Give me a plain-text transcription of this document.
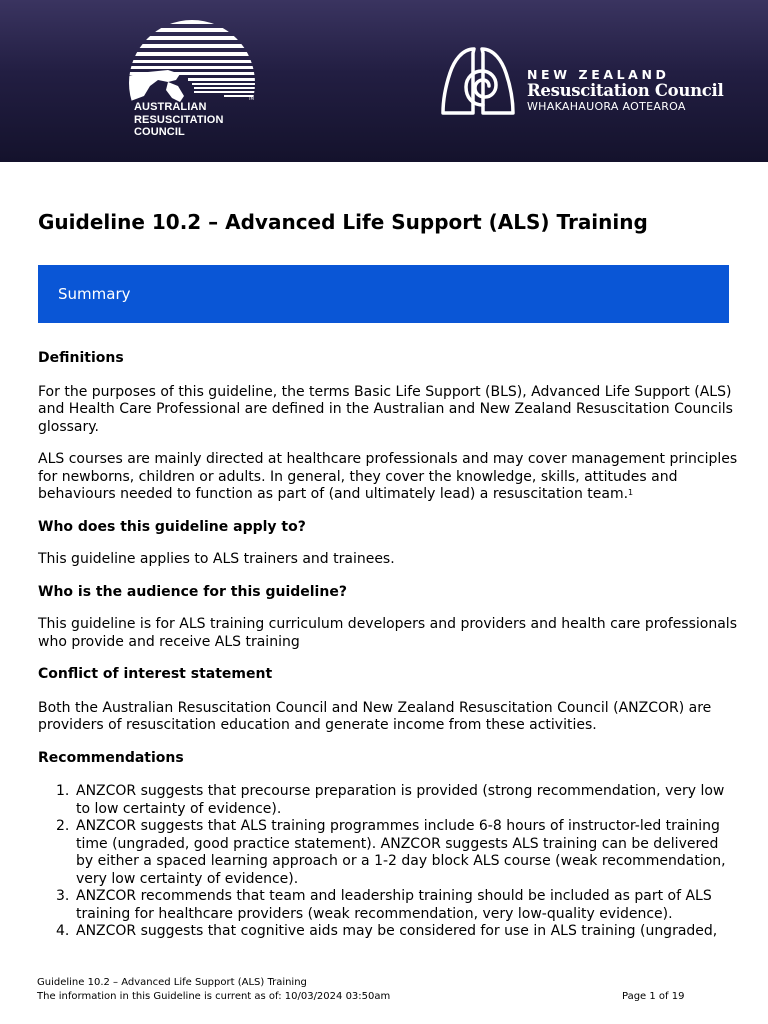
AUSTRALIAN
RESUSCITATION
COUNCIL
TM
NEW ZEALAND
Resuscitation Council
WHAKAHAUORA AOTEAROA
Guideline 10.2 – Advanced Life Support (ALS) Training
Summary
Definitions

For the purposes of this guideline, the terms Basic Life Support (BLS), Advanced Life Support (ALS) and Health Care Professional are defined in the Australian and New Zealand Resuscitation Councils glossary.

ALS courses are mainly directed at healthcare professionals and may cover management principles for newborns, children or adults. In general, they cover the knowledge, skills, attitudes and behaviours needed to function as part of (and ultimately lead) a resuscitation team.$^1$

Who does this guideline apply to?

This guideline applies to ALS trainers and trainees.

Who is the audience for this guideline?

This guideline is for ALS training curriculum developers and providers and health care professionals who provide and receive ALS training

Conflict of interest statement

Both the Australian Resuscitation Council and New Zealand Resuscitation Council (ANZCOR) are providers of resuscitation education and generate income from these activities.

Recommendations
1. ANZCOR suggests that precourse preparation is provided (strong recommendation, very low to low certainty of evidence).
2. ANZCOR suggests that ALS training programmes include 6-8 hours of instructor-led training time (ungraded, good practice statement). ANZCOR suggests ALS training can be delivered by either a spaced learning approach or a 1-2 day block ALS course (weak recommendation, very low certainty of evidence).
3. ANZCOR recommends that team and leadership training should be included as part of ALS training for healthcare providers (weak recommendation, very low-quality evidence).
4. ANZCOR suggests that cognitive aids may be considered for use in ALS training (ungraded,
Guideline 10.2 – Advanced Life Support (ALS) Training
The information in this Guideline is current as of: 10/03/2024 03:50am	Page 1 of 19
